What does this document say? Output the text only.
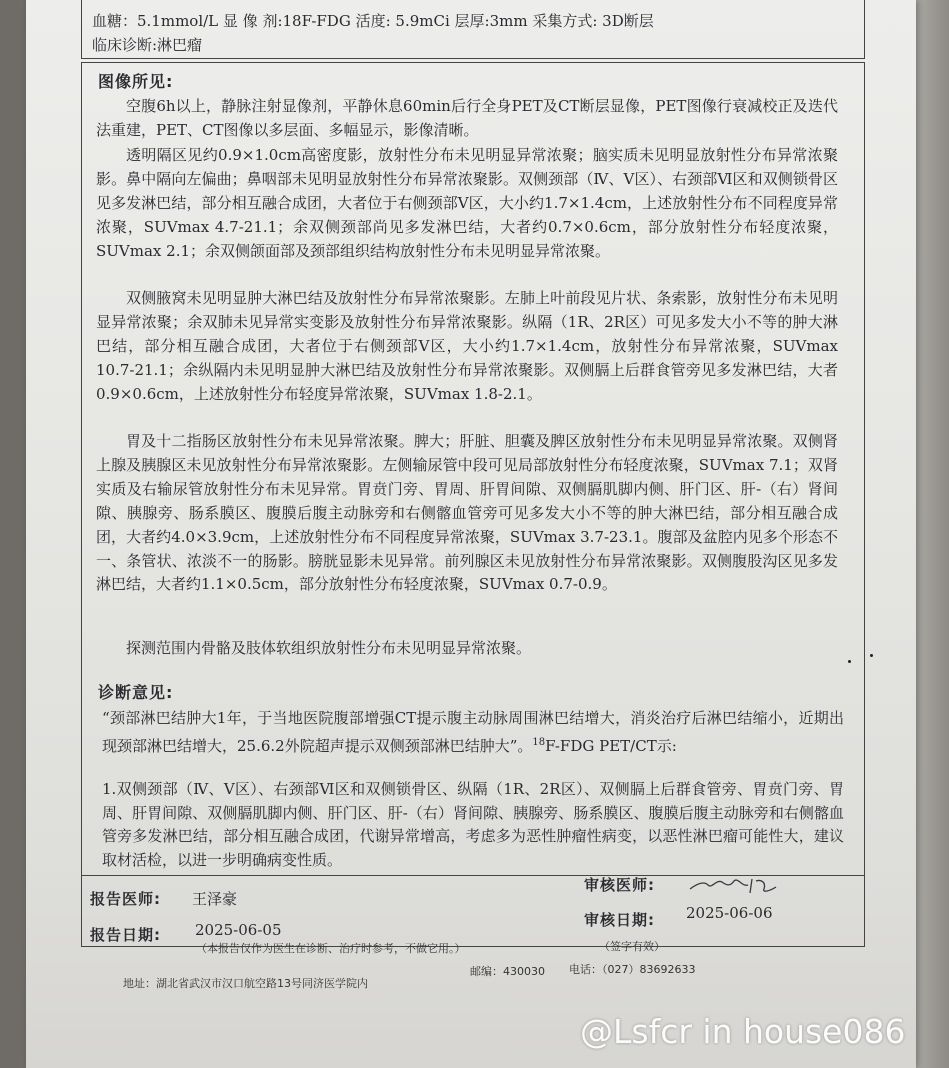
血糖：5.1mmol/L 显 像 剂:18F-FDG 活度: 5.9mCi 层厚:3mm 采集方式: 3D断层
临床诊断:淋巴瘤
图像所见:

空腹6h以上，静脉注射显像剂，平静休息60min后行全身PET及CT断层显像，PET图像行衰减校正及迭代法重建，PET、CT图像以多层面、多幅显示，影像清晰。

透明隔区见约0.9×1.0cm高密度影，放射性分布未见明显异常浓聚；脑实质未见明显放射性分布异常浓聚影。鼻中隔向左偏曲；鼻咽部未见明显放射性分布异常浓聚影。双侧颈部（Ⅳ、Ⅴ区）、右颈部Ⅵ区和双侧锁骨区见多发淋巴结，部分相互融合成团，大者位于右侧颈部Ⅴ区，大小约1.7×1.4cm，上述放射性分布不同程度异常浓聚，SUVmax 4.7-21.1；余双侧颈部尚见多发淋巴结，大者约0.7×0.6cm，部分放射性分布轻度浓聚，SUVmax 2.1；余双侧颌面部及颈部组织结构放射性分布未见明显异常浓聚。

双侧腋窝未见明显肿大淋巴结及放射性分布异常浓聚影。左肺上叶前段见片状、条索影，放射性分布未见明显异常浓聚；余双肺未见异常实变影及放射性分布异常浓聚影。纵隔（1R、2R区）可见多发大小不等的肿大淋巴结，部分相互融合成团，大者位于右侧颈部Ⅴ区，大小约1.7×1.4cm，放射性分布异常浓聚，SUVmax 10.7-21.1；余纵隔内未见明显肿大淋巴结及放射性分布异常浓聚影。双侧膈上后群食管旁见多发淋巴结，大者0.9×0.6cm，上述放射性分布轻度异常浓聚，SUVmax 1.8-2.1。

胃及十二指肠区放射性分布未见异常浓聚。脾大；肝脏、胆囊及脾区放射性分布未见明显异常浓聚。双侧肾上腺及胰腺区未见放射性分布异常浓聚影。左侧输尿管中段可见局部放射性分布轻度浓聚，SUVmax 7.1；双肾实质及右输尿管放射性分布未见异常。胃贲门旁、胃周、肝胃间隙、双侧膈肌脚内侧、肝门区、肝-（右）肾间隙、胰腺旁、肠系膜区、腹膜后腹主动脉旁和右侧髂血管旁可见多发大小不等的肿大淋巴结，部分相互融合成团，大者约4.0×3.9cm，上述放射性分布不同程度异常浓聚，SUVmax 3.7-23.1。腹部及盆腔内见多个形态不一、条管状、浓淡不一的肠影。膀胱显影未见异常。前列腺区未见放射性分布异常浓聚影。双侧腹股沟区见多发淋巴结，大者约1.1×0.5cm，部分放射性分布轻度浓聚，SUVmax 0.7-0.9。

探测范围内骨骼及肢体软组织放射性分布未见明显异常浓聚。

诊断意见:

“颈部淋巴结肿大1年，于当地医院腹部增强CT提示腹主动脉周围淋巴结增大，消炎治疗后淋巴结缩小，近期出现颈部淋巴结增大，25.6.2外院超声提示双侧颈部淋巴结肿大”。$^{18}$F-FDG PET/CT示:

1.双侧颈部（Ⅳ、Ⅴ区）、右颈部Ⅵ区和双侧锁骨区、纵隔（1R、2R区）、双侧膈上后群食管旁、胃贲门旁、胃周、肝胃间隙、双侧膈肌脚内侧、肝门区、肝-（右）肾间隙、胰腺旁、肠系膜区、腹膜后腹主动脉旁和右侧髂血管旁多发淋巴结，部分相互融合成团，代谢异常增高，考虑多为恶性肿瘤性病变，以恶性淋巴瘤可能性大，建议取材活检，以进一步明确病变性质。

报告医师: 王泽豪
报告日期: 2025-06-05
审核医师:
审核日期: 2025-06-06
（本报告仅作为医生在诊断、治疗时参考，不做它用。）	（签字有效）
地址：湖北省武汉市汉口航空路13号同济医学院内
邮编：430030 电话：（027）83692633
@Lsfcr in house086
